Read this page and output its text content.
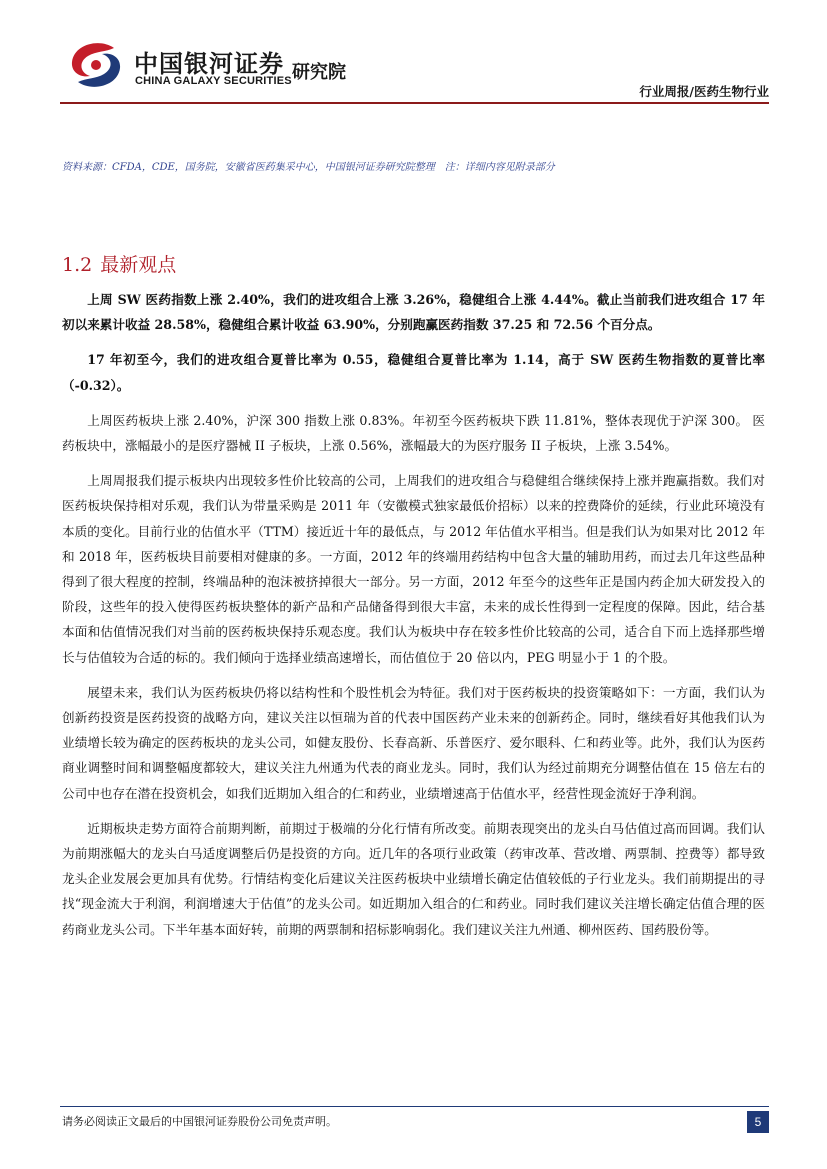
中国银河证券
CHINA GALAXY SECURITIES 研究院
行业周报/医药生物行业
资料来源：CFDA，CDE，国务院，安徽省医药集采中心，中国银河证券研究院整理　注：详细内容见附录部分
1.2 最新观点

上周 SW 医药指数上涨 2.40%，我们的进攻组合上涨 3.26%，稳健组合上涨 4.44%。截止当前我们进攻组合 17 年初以来累计收益 28.58%，稳健组合累计收益 63.90%，分别跑赢医药指数 37.25 和 72.56 个百分点。

17 年初至今，我们的进攻组合夏普比率为 0.55，稳健组合夏普比率为 1.14，高于 SW 医药生物指数的夏普比率（-0.32）。

上周医药板块上涨 2.40%，沪深 300 指数上涨 0.83%。年初至今医药板块下跌 11.81%，整体表现优于沪深 300。 医药板块中，涨幅最小的是医疗器械 II 子板块，上涨 0.56%，涨幅最大的为医疗服务 II 子板块，上涨 3.54%。

上周周报我们提示板块内出现较多性价比较高的公司，上周我们的进攻组合与稳健组合继续保持上涨并跑赢指数。我们对医药板块保持相对乐观，我们认为带量采购是 2011 年（安徽模式独家最低价招标）以来的控费降价的延续，行业此环境没有本质的变化。目前行业的估值水平（TTM）接近近十年的最低点，与 2012 年估值水平相当。但是我们认为如果对比 2012 年和 2018 年，医药板块目前要相对健康的多。一方面，2012 年的终端用药结构中包含大量的辅助用药，而过去几年这些品种得到了很大程度的控制，终端品种的泡沫被挤掉很大一部分。另一方面，2012 年至今的这些年正是国内药企加大研发投入的阶段，这些年的投入使得医药板块整体的新产品和产品储备得到很大丰富，未来的成长性得到一定程度的保障。因此，结合基本面和估值情况我们对当前的医药板块保持乐观态度。我们认为板块中存在较多性价比较高的公司，适合自下而上选择那些增长与估值较为合适的标的。我们倾向于选择业绩高速增长，而估值位于 20 倍以内，PEG 明显小于 1 的个股。

展望未来，我们认为医药板块仍将以结构性和个股性机会为特征。我们对于医药板块的投资策略如下：一方面，我们认为创新药投资是医药投资的战略方向，建议关注以恒瑞为首的代表中国医药产业未来的创新药企。同时，继续看好其他我们认为业绩增长较为确定的医药板块的龙头公司，如健友股份、长春高新、乐普医疗、爱尔眼科、仁和药业等。此外，我们认为医药商业调整时间和调整幅度都较大，建议关注九州通为代表的商业龙头。同时，我们认为经过前期充分调整估值在 15 倍左右的公司中也存在潜在投资机会，如我们近期加入组合的仁和药业，业绩增速高于估值水平，经营性现金流好于净利润。

近期板块走势方面符合前期判断，前期过于极端的分化行情有所改变。前期表现突出的龙头白马估值过高而回调。我们认为前期涨幅大的龙头白马适度调整后仍是投资的方向。近几年的各项行业政策（药审改革、营改增、两票制、控费等）都导致龙头企业发展会更加具有优势。行情结构变化后建议关注医药板块中业绩增长确定估值较低的子行业龙头。我们前期提出的寻找“现金流大于利润，利润增速大于估值”的龙头公司。如近期加入组合的仁和药业。同时我们建议关注增长确定估值合理的医药商业龙头公司。下半年基本面好转，前期的两票制和招标影响弱化。我们建议关注九州通、柳州医药、国药股份等。

请务必阅读正文最后的中国银河证券股份公司免责声明。	5
